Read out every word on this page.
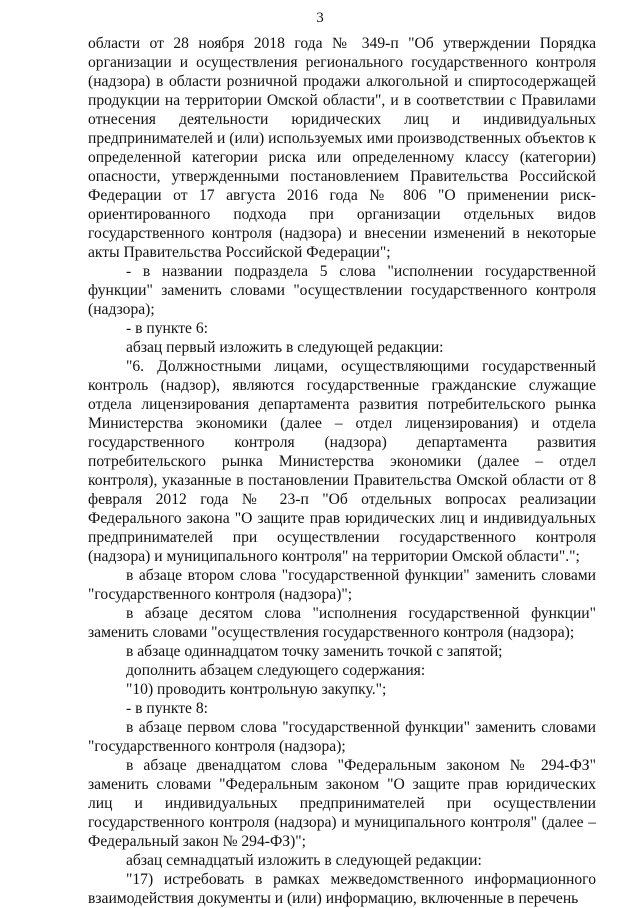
3

области от 28 ноября 2018 года № 349-п "Об утверждении Порядка организации и осуществления регионального государственного контроля (надзора) в области розничной продажи алкогольной и спиртосодержащей продукции на территории Омской области", и в соответствии с Правилами отнесения деятельности юридических лиц и индивидуальных предпринимателей и (или) используемых ими производственных объектов к определенной категории риска или определенному классу (категории) опасности, утвержденными постановлением Правительства Российской Федерации от 17 августа 2016 года № 806 "О применении риск-ориентированного подхода при организации отдельных видов государственного контроля (надзора) и внесении изменений в некоторые акты Правительства Российской Федерации";

- в названии подраздела 5 слова "исполнении государственной функции" заменить словами "осуществлении государственного контроля (надзора);

- в пункте 6:

абзац первый изложить в следующей редакции:

"6. Должностными лицами, осуществляющими государственный контроль (надзор), являются государственные гражданские служащие отдела лицензирования департамента развития потребительского рынка Министерства экономики (далее – отдел лицензирования) и отдела государственного контроля (надзора) департамента развития потребительского рынка Министерства экономики (далее – отдел контроля), указанные в постановлении Правительства Омской области от 8 февраля 2012 года № 23-п "Об отдельных вопросах реализации Федерального закона "О защите прав юридических лиц и индивидуальных предпринимателей при осуществлении государственного контроля (надзора) и муниципального контроля" на территории Омской области".";

в абзаце втором слова "государственной функции" заменить словами "государственного контроля (надзора)";

в абзаце десятом слова "исполнения государственной функции" заменить словами "осуществления государственного контроля (надзора);

в абзаце одиннадцатом точку заменить точкой с запятой;

дополнить абзацем следующего содержания:

"10) проводить контрольную закупку.";

- в пункте 8:

в абзаце первом слова "государственной функции" заменить словами "государственного контроля (надзора);

в абзаце двенадцатом слова "Федеральным законом № 294-ФЗ" заменить словами "Федеральным законом "О защите прав юридических лиц и индивидуальных предпринимателей при осуществлении государственного контроля (надзора) и муниципального контроля" (далее – Федеральный закон № 294-ФЗ)";

абзац семнадцатый изложить в следующей редакции:

"17) истребовать в рамках межведомственного информационного взаимодействия документы и (или) информацию, включенные в перечень
